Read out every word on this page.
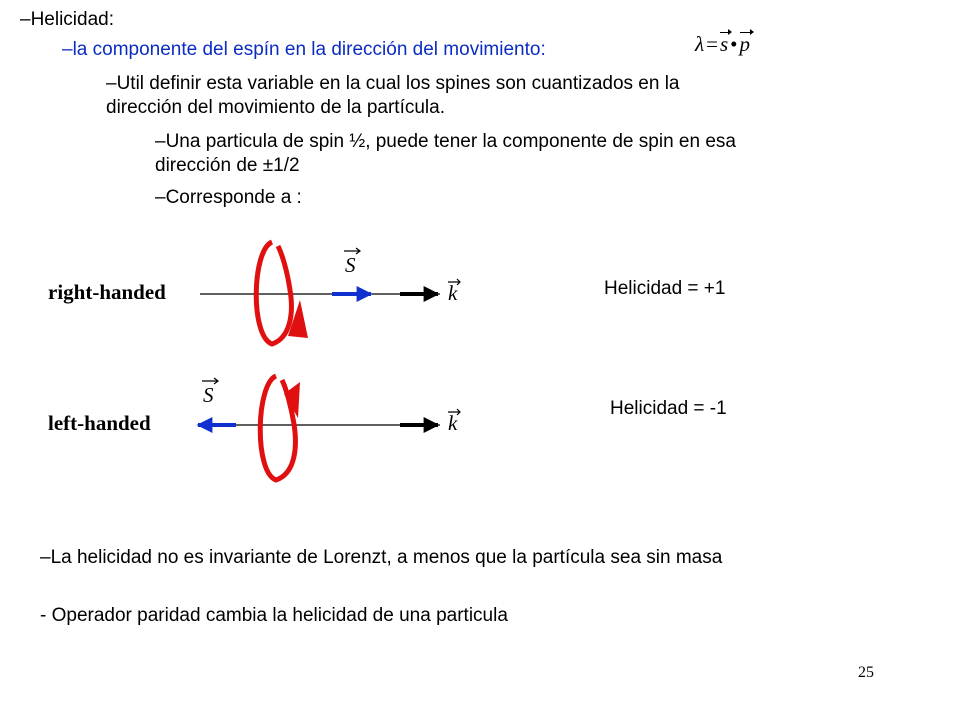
–Helicidad:
–la componente del espín en la dirección del movimiento:	λ=s•p
–Util definir esta variable en la cual los spines son cuantizados en la
dirección del movimiento de la partícula.
–Una particula de spin ½, puede tener la componente de spin en esa
dirección de ±1/2
–Corresponde a :
right-handed
S
k
left-handed
S
k
Helicidad = +1
Helicidad = -1
–La helicidad no es invariante de Lorenzt, a menos que la partícula sea sin masa
- Operador paridad cambia la helicidad de una particula
25
